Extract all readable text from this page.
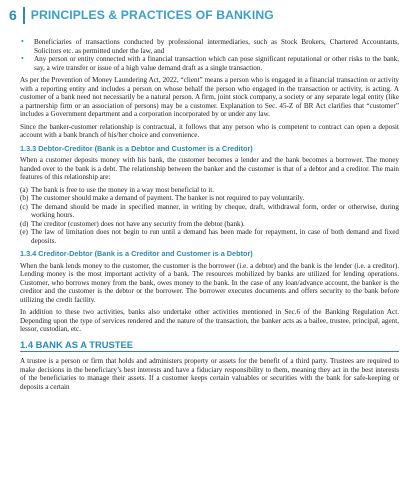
6 PRINCIPLES & PRACTICES OF BANKING
• Beneficiaries of transactions conducted by professional intermediaries, such as Stock Brokers, Chartered Accountants, Solicitors etc. as permitted under the law, and
• Any person or entity connected with a financial transaction which can pose significant reputational or other risks to the bank, say, a wire transfer or issue of a high value demand draft as a single transaction.

As per the Prevention of Money Laundering Act, 2022, “client” means a person who is engaged in a financial transaction or activity with a reporting entity and includes a person on whose behalf the person who engaged in the transaction or activity, is acting. A customer of a bank need not necessarily be a natural person. A firm, joint stock company, a society or any separate legal entity (like a partnership firm or an association of persons) may be a customer. Explanation to Sec. 45-Z of BR Act clarifies that “customer” includes a Government department and a corporation incorporated by or under any law.

Since the banker-customer relationship is contractual, it follows that any person who is competent to contract can open a deposit account with a bank branch of his/her choice and convenience.

1.3.3 Debtor-Creditor (Bank is a Debtor and Customer is a Creditor)

When a customer deposits money with his bank, the customer becomes a lender and the bank becomes a borrower. The money handed over to the bank is a debt. The relationship between the banker and the customer is that of a debtor and a creditor. The main features of this relationship are:

(a) The bank is free to use the money in a way most beneficial to it.
(b) The customer should make a demand of payment. The banker is not required to pay voluntarily.
(c) The demand should be made in specified manner, in writing by cheque, draft, withdrawal form, order or otherwise, during working hours.
(d) The creditor (customer) does not have any security from the debtor (bank).
(e) The law of limitation does not begin to run until a demand has been made for repayment, in case of both demand and fixed deposits.
1.3.4 Creditor-Debtor (Bank is a Creditor and Customer is a Debtor)

When the bank lends money to the customer, the customer is the borrower (i.e. a debtor) and the bank is the lender (i.e. a creditor). Lending money is the most important activity of a bank. The resources mobilized by banks are utilized for lending operations. Customer, who borrows money from the bank, owes money to the bank. In the case of any loan/advance account, the banker is the creditor and the customer is the debtor or the borrower. The borrower executes documents and offers security to the bank before utilizing the credit facility.

In addition to these two activities, banks also undertake other activities mentioned in Sec.6 of the Banking Regulation Act. Depending upon the type of services rendered and the nature of the transaction, the banker acts as a bailee, trustee, principal, agent, lessor, custodian, etc.

1.4 BANK AS A TRUSTEE

A trustee is a person or firm that holds and administers property or assets for the benefit of a third party. Trustees are required to make decisions in the beneficiary’s best interests and have a fiduciary responsibility to them, meaning they act in the best interests of the beneficiaries to manage their assets. If a customer keeps certain valuables or securities with the bank for safe-keeping or deposits a certain
